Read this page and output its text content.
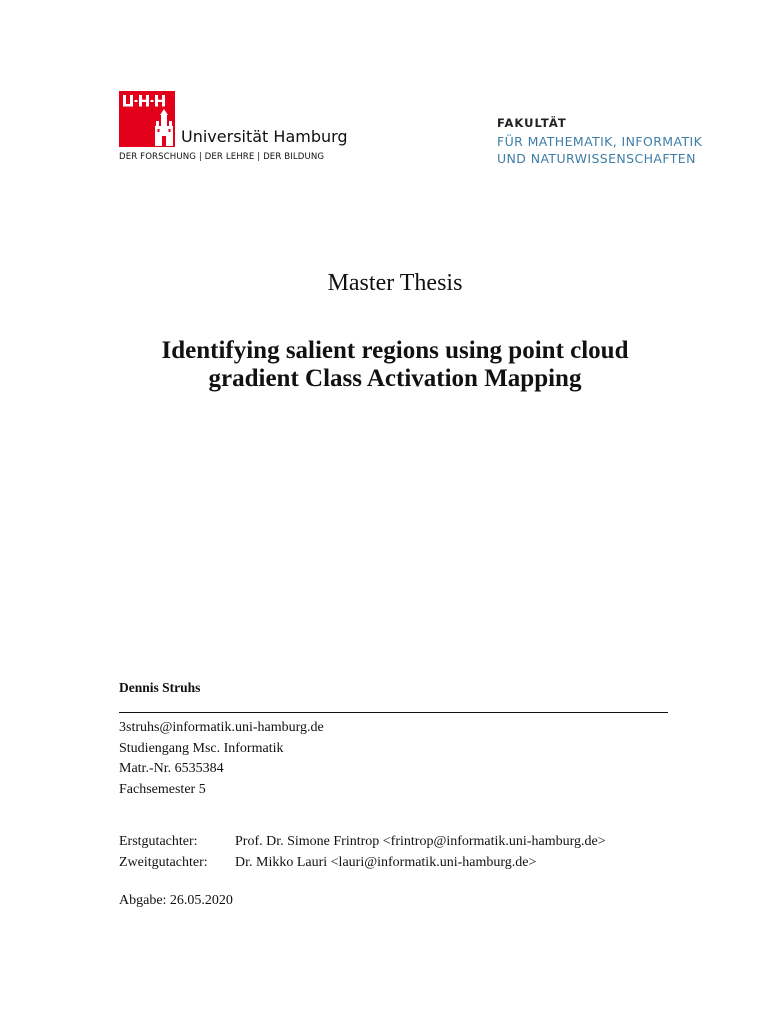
Universität Hamburg
DER FORSCHUNG | DER LEHRE | DER BILDUNG
FAKULTÄT
FÜR MATHEMATIK, INFORMATIK
UND NATURWISSENSCHAFTEN
Master Thesis
Identifying salient regions using point cloud
gradient Class Activation Mapping
Dennis Struhs
3struhs@informatik.uni-hamburg.de
Studiengang Msc. Informatik
Matr.-Nr. 6535384
Fachsemester 5
Erstgutachter:	Prof. Dr. Simone Frintrop <frintrop@informatik.uni-hamburg.de>
Zweitgutachter:	Dr. Mikko Lauri <lauri@informatik.uni-hamburg.de>
Abgabe: 26.05.2020
